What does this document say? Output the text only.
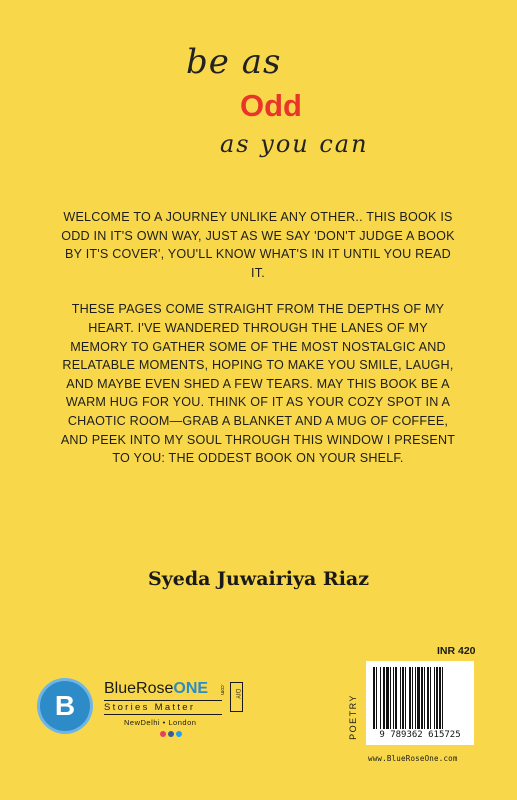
be as
Odd
as you can

WELCOME TO A JOURNEY UNLIKE ANY OTHER.. THIS BOOK IS ODD IN IT'S OWN WAY, JUST AS WE SAY 'DON'T JUDGE A BOOK BY IT'S COVER', YOU'LL KNOW WHAT'S IN IT UNTIL YOU READ IT.

THESE PAGES COME STRAIGHT FROM THE DEPTHS OF MY HEART. I'VE WANDERED THROUGH THE LANES OF MY MEMORY TO GATHER SOME OF THE MOST NOSTALGIC AND RELATABLE MOMENTS, HOPING TO MAKE YOU SMILE, LAUGH, AND MAYBE EVEN SHED A FEW TEARS. MAY THIS BOOK BE A WARM HUG FOR YOU. THINK OF IT AS YOUR COZY SPOT IN A CHAOTIC ROOM—GRAB A BLANKET AND A MUG OF COFFEE, AND PEEK INTO MY SOUL THROUGH THIS WINDOW I PRESENT TO YOU: THE ODDEST BOOK ON YOUR SHELF.

Syeda Juwairiya Riaz
B
BlueRoseONE .com DIY
Stories Matter
NewDelhi • London
INR 420
POETRY	9 789362 615725
www.BlueRoseOne.com
